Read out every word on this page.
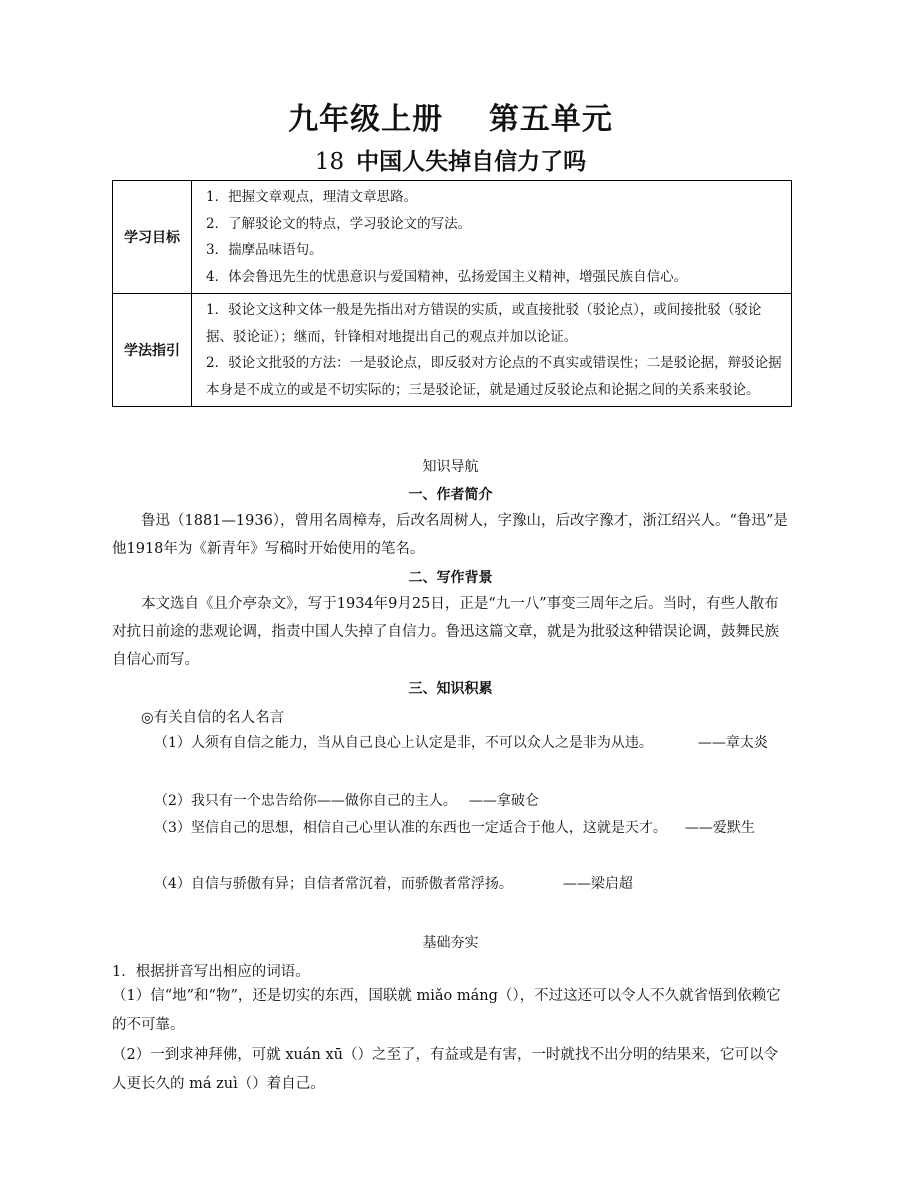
九年级上册    第五单元
18 中国人失掉自信力了吗
学习目标	1．把握文章观点，理清文章思路。

2．了解驳论文的特点，学习驳论文的写法。

3．揣摩品味语句。

4．体会鲁迅先生的忧患意识与爱国精神，弘扬爱国主义精神，增强民族自信心。

学法指引	1．驳论文这种文体一般是先指出对方错误的实质，或直接批驳（驳论点），或间接批驳（驳论据、驳论证）；继而，针锋相对地提出自己的观点并加以论证。

2．驳论文批驳的方法：一是驳论点，即反驳对方论点的不真实或错误性；二是驳论据，辩驳论据本身是不成立的或是不切实际的；三是驳论证，就是通过反驳论点和论据之间的关系来驳论。

知识导航
一、作者简介

鲁迅（1881—1936），曾用名周樟寿，后改名周树人，字豫山，后改字豫才，浙江绍兴人。“鲁迅”是他1918年为《新青年》写稿时开始使用的笔名。

二、写作背景

本文选自《且介亭杂文》，写于1934年9月25日，正是“九一八”事变三周年之后。当时，有些人散布对抗日前途的悲观论调，指责中国人失掉了自信力。鲁迅这篇文章，就是为批驳这种错误论调，鼓舞民族自信心而写。

三、知识积累

◎有关自信的名人名言

（1）人须有自信之能力，当从自己良心上认定是非，不可以众人之是非为从违。	——章太炎

（2）我只有一个忠告给你——做你自己的主人。 ——拿破仑

（3）坚信自己的思想，相信自己心里认准的东西也一定适合于他人，这就是天才。 ——爱默生

（4）自信与骄傲有异；自信者常沉着，而骄傲者常浮扬。	——梁启超

基础夯实

1．根据拼音写出相应的词语。

（1）信“地”和“物”，还是切实的东西，国联就 miǎo máng（），不过这还可以令人不久就省悟到依赖它的不可靠。

（2）一到求神拜佛，可就 xuán xū（）之至了，有益或是有害，一时就找不出分明的结果来，它可以令人更长久的 má zuì（）着自己。
